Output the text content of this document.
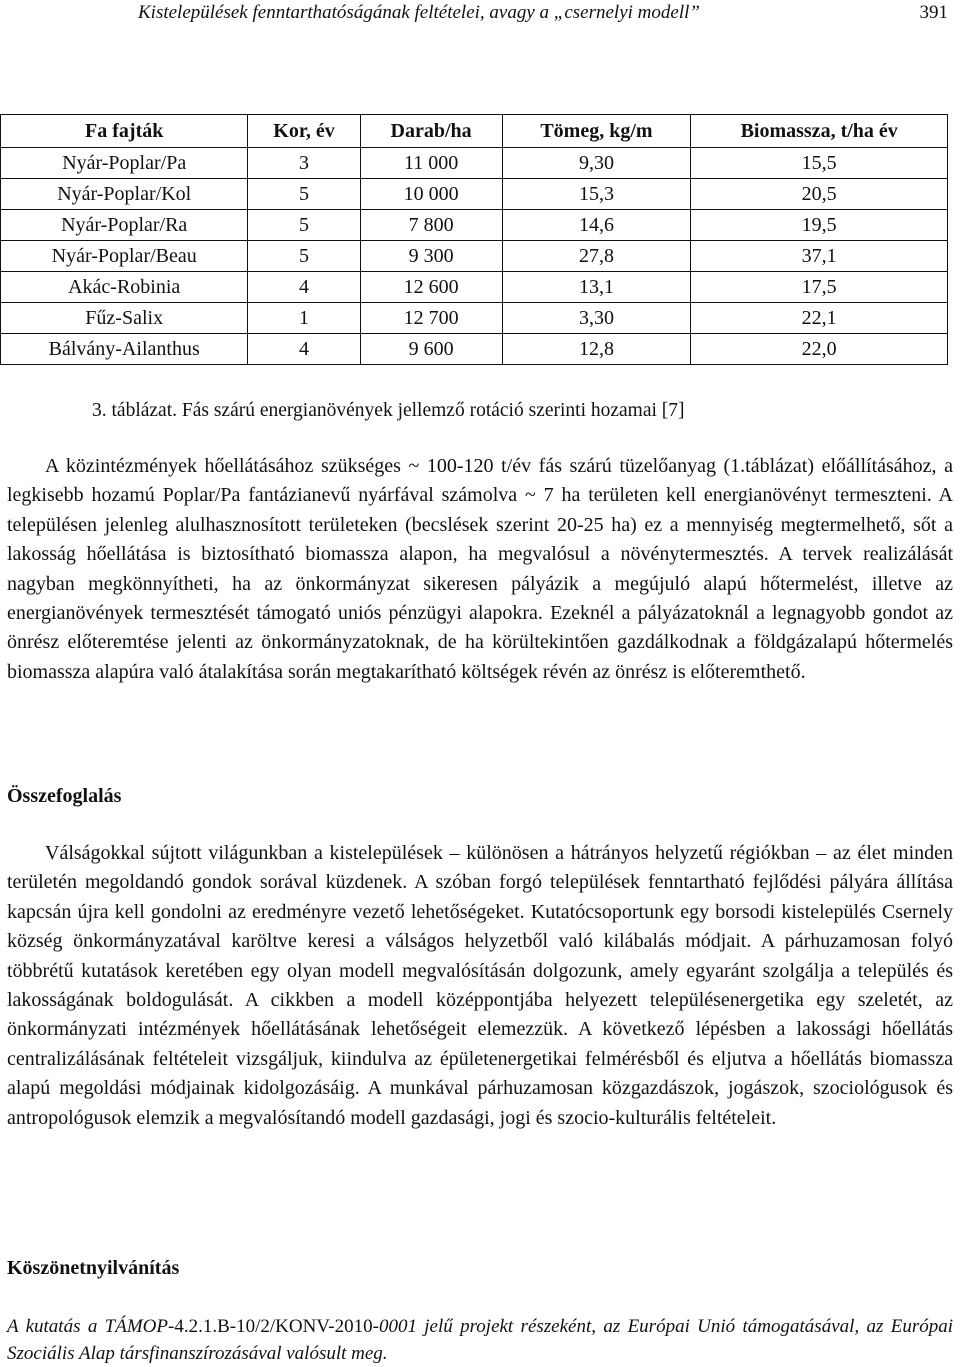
Kistelepülések fenntarthatóságának feltételei, avagy a „csernelyi modell”	391
Fa fajták	Kor, év	Darab/ha	Tömeg, kg/m	Biomassza, t/ha év
Nyár-Poplar/Pa	3	11 000	9,30	15,5
Nyár-Poplar/Kol	5	10 000	15,3	20,5
Nyár-Poplar/Ra	5	7 800	14,6	19,5
Nyár-Poplar/Beau	5	9 300	27,8	37,1
Akác-Robinia	4	12 600	13,1	17,5
Fűz-Salix	1	12 700	3,30	22,1
Bálvány-Ailanthus	4	9 600	12,8	22,0
3. táblázat. Fás szárú energianövények jellemző rotáció szerinti hozamai [7]

A közintézmények hőellátásához szükséges ~ 100-120 t/év fás szárú tüzelőanyag (1.táblázat) előállításához, a legkisebb hozamú Poplar/Pa fantázianevű nyárfával számolva ~ 7 ha területen kell energianövényt termeszteni. A településen jelenleg alulhasznosított területeken (becslések szerint 20-25 ha) ez a mennyiség megtermelhető, sőt a lakosság hőellátása is biztosítható biomassza alapon, ha megvalósul a növénytermesztés. A tervek realizálását nagyban megkönnyítheti, ha az önkormányzat sikeresen pályázik a megújuló alapú hőtermelést, illetve az energianövények termesztését támogató uniós pénzügyi alapokra. Ezeknél a pályázatoknál a legnagyobb gondot az önrész előteremtése jelenti az önkormányzatoknak, de ha körültekintően gazdálkodnak a földgázalapú hőtermelés biomassza alapúra való átalakítása során megtakarítható költségek révén az önrész is előteremthető.

Összefoglalás

Válságokkal sújtott világunkban a kistelepülések – különösen a hátrányos helyzetű régiókban – az élet minden területén megoldandó gondok sorával küzdenek. A szóban forgó települések fenntartható fejlődési pályára állítása kapcsán újra kell gondolni az eredményre vezető lehetőségeket. Kutatócsoportunk egy borsodi kistelepülés Csernely község önkormányzatával karöltve keresi a válságos helyzetből való kilábalás módjait. A párhuzamosan folyó többrétű kutatások keretében egy olyan modell megvalósításán dolgozunk, amely egyaránt szolgálja a település és lakosságának boldogulását. A cikkben a modell középpontjába helyezett településenergetika egy szeletét, az önkormányzati intézmények hőellátásának lehetőségeit elemezzük. A következő lépésben a lakossági hőellátás centralizálásának feltételeit vizsgáljuk, kiindulva az épületenergetikai felmérésből és eljutva a hőellátás biomassza alapú megoldási módjainak kidolgozásáig. A munkával párhuzamosan közgazdászok, jogászok, szociológusok és antropológusok elemzik a megvalósítandó modell gazdasági, jogi és szocio-kulturális feltételeit.

Köszönetnyilvánítás

A kutatás a TÁMOP-4.2.1.B-10/2/KONV-2010-0001 jelű projekt részeként, az Európai Unió támogatásával, az Európai Szociális Alap társfinanszírozásával valósult meg.
